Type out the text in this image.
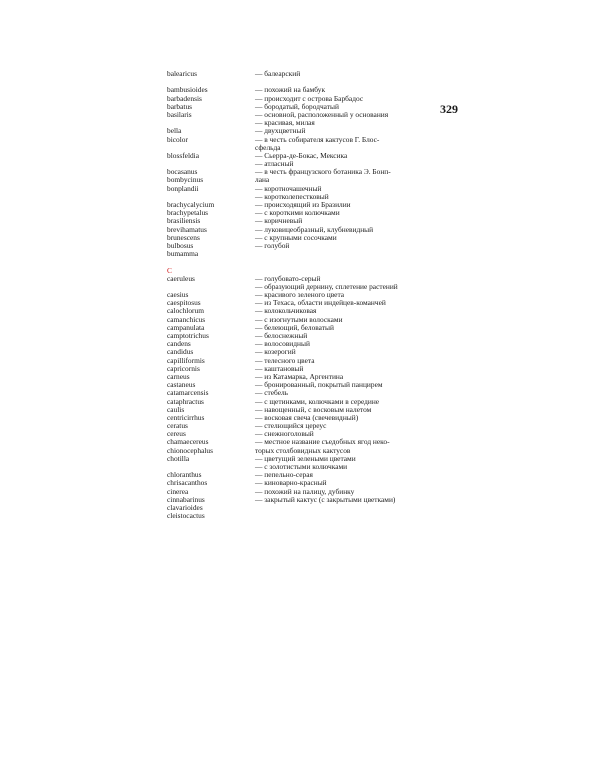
329
balearicus
bambusioides
barbadensis
barbatus
basilaris
bella
bicolor
blossfeldia
bocasanus
bombycinus
bonplandii
brachycalycium
brachypetalus
brasiliensis
brevihamatus
brunescens
bulbosus
bumamma
C
caeruleus
caesius
caespitosus
calochlorum
camanchicus
campanulata
camptotrichus
candens
candidus
capilliformis
capricornis
carneus
castaneus
catamarcensis
cataphractus
caulis
centricirrhus
ceratus
cereus
chamaecereus
chionocephalus
chotilla
chloranthus
chrisacanthos
cinerea
cinnabarinus
clavarioides
cleistocactus
— балеарский
— похожий на бамбук
— происходит с острова Барбадос
— бородатый, бородчатый
— основной, расположенный у основания
— красивая, милая
— двухцветный
— в честь собирателя кактусов Г. Блос-
сфельда
— Сьерра-де-Бокас, Мексика
— атласный
— в честь французского ботаника Э. Бонп-
лана
— коротночашечный
— коротколепестковый
— происходящий из Бразилии
— с короткими колючками
— коричневый
— луковицеобразный, клубневидный
— с крупными сосочками
— голубой
— голубовато-серый
— образующий дернину, сплетение растений
— красивого зеленого цвета
— из Техаса, области индейцев-команчей
— колокольчиковая
— с изогнутыми волосками
— белеющий, беловатый
— белоснежный
— волосовидный
— козерогий
— телесного цвета
— каштановый
— из Катамарка, Аргентина
— бронированный, покрытый панцирем
— стебель
— с щетинками, колючками в середине
— навощенный, с восковым налетом
— восковая свеча (свечевидный)
— стелющийся цереус
— снежноголовый
— местное название съедобных ягод неко-
торых столбовидных кактусов
— цветущий зелеными цветами
— с золотистыми колючками
— пепельно-серая
— киноварно-красный
— похожий на палицу, дубинку
— закрытый кактус (с закрытыми цветками)
